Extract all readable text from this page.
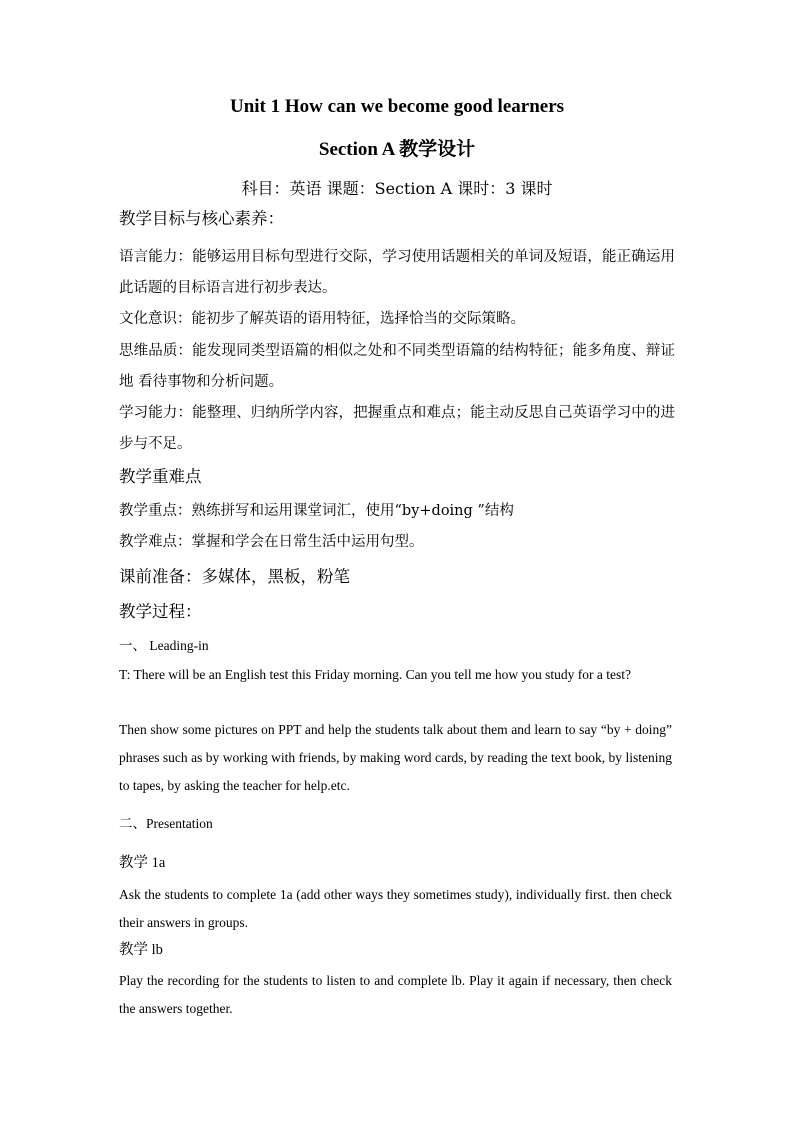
Unit 1 How can we become good learners
Section A 教学设计
科目：英语 课题：Section A 课时：3 课时
教学目标与核心素养：
语言能力：能够运用目标句型进行交际，学习使用话题相关的单词及短语，能正确运用此话题的目标语言进行初步表达。
文化意识：能初步了解英语的语用特征，选择恰当的交际策略。
思维品质：能发现同类型语篇的相似之处和不同类型语篇的结构特征；能多角度、辩证地 看待事物和分析问题。
学习能力：能整理、归纳所学内容，把握重点和难点；能主动反思自己英语学习中的进步与不足。
教学重难点
教学重点：熟练拼写和运用课堂词汇，使用“by+doing ”结构
教学难点：掌握和学会在日常生活中运用句型。
课前准备：多媒体，黑板，粉笔
教学过程：
一、 Leading-in
T: There will be an English test this Friday morning. Can you tell me how you study for a test?
Then show some pictures on PPT and help the students talk about them and learn to say “by + doing” phrases such as by working with friends, by making word cards, by reading the text book, by listening to tapes, by asking the teacher for help.etc.
二、Presentation
教学 1a
Ask the students to complete 1a (add other ways they sometimes study), individually first. then check their answers in groups.
教学 lb
Play the recording for the students to listen to and complete lb. Play it again if necessary, then check the answers together.
